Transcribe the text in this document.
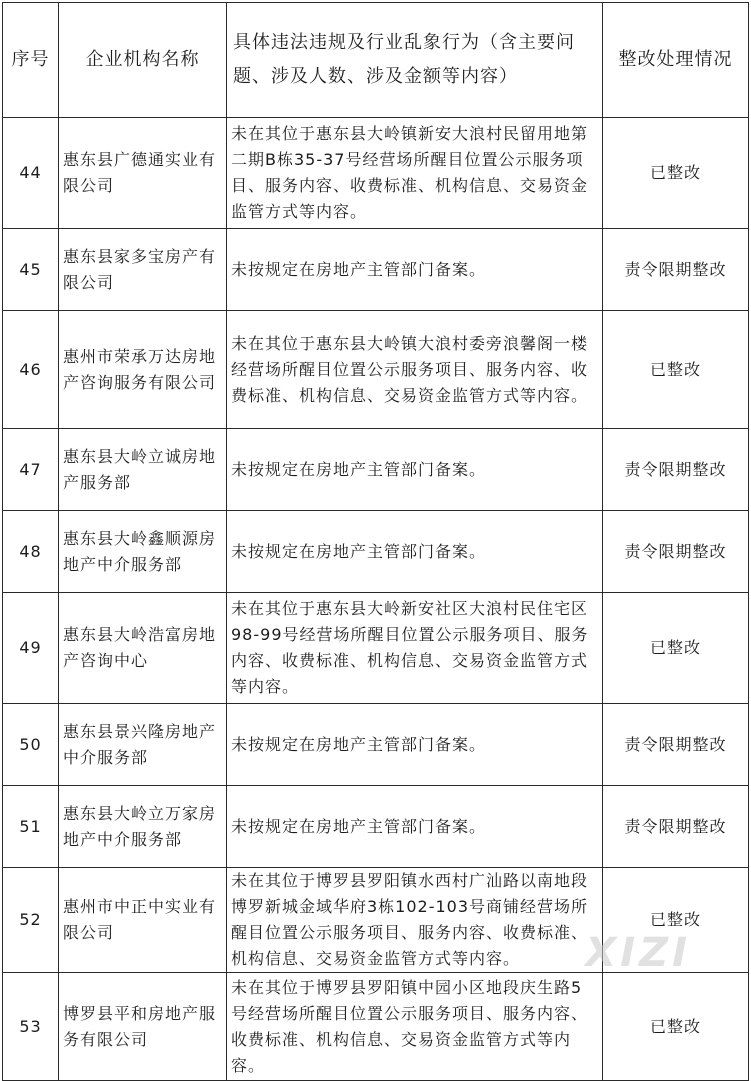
序号	企业机构名称	具体违法违规及行业乱象行为（含主要问题、涉及人数、涉及金额等内容）	整改处理情况
44	惠东县广德通实业有限公司	未在其位于惠东县大岭镇新安大浪村民留用地第二期B栋35-37号经营场所醒目位置公示服务项目、服务内容、收费标准、机构信息、交易资金监管方式等内容。	已整改
45	惠东县家多宝房产有限公司	未按规定在房地产主管部门备案。	责令限期整改
46	惠州市荣承万达房地产咨询服务有限公司	未在其位于惠东县大岭镇大浪村委旁浪馨阁一楼经营场所醒目位置公示服务项目、服务内容、收费标准、机构信息、交易资金监管方式等内容。	已整改
47	惠东县大岭立诚房地产服务部	未按规定在房地产主管部门备案。	责令限期整改
48	惠东县大岭鑫顺源房地产中介服务部	未按规定在房地产主管部门备案。	责令限期整改
49	惠东县大岭浩富房地产咨询中心	未在其位于惠东县大岭新安社区大浪村民住宅区98-99号经营场所醒目位置公示服务项目、服务内容、收费标准、机构信息、交易资金监管方式等内容。	已整改
50	惠东县景兴隆房地产中介服务部	未按规定在房地产主管部门备案。	责令限期整改
51	惠东县大岭立万家房地产中介服务部	未按规定在房地产主管部门备案。	责令限期整改
52	惠州市中正中实业有限公司	未在其位于博罗县罗阳镇水西村广汕路以南地段博罗新城金域华府3栋102-103号商铺经营场所醒目位置公示服务项目、服务内容、收费标准、机构信息、交易资金监管方式等内容。	已整改
53	博罗县平和房地产服务有限公司	未在其位于博罗县罗阳镇中园小区地段庆生路5号经营场所醒目位置公示服务项目、服务内容、收费标准、机构信息、交易资金监管方式等内容。	已整改
XIZI
